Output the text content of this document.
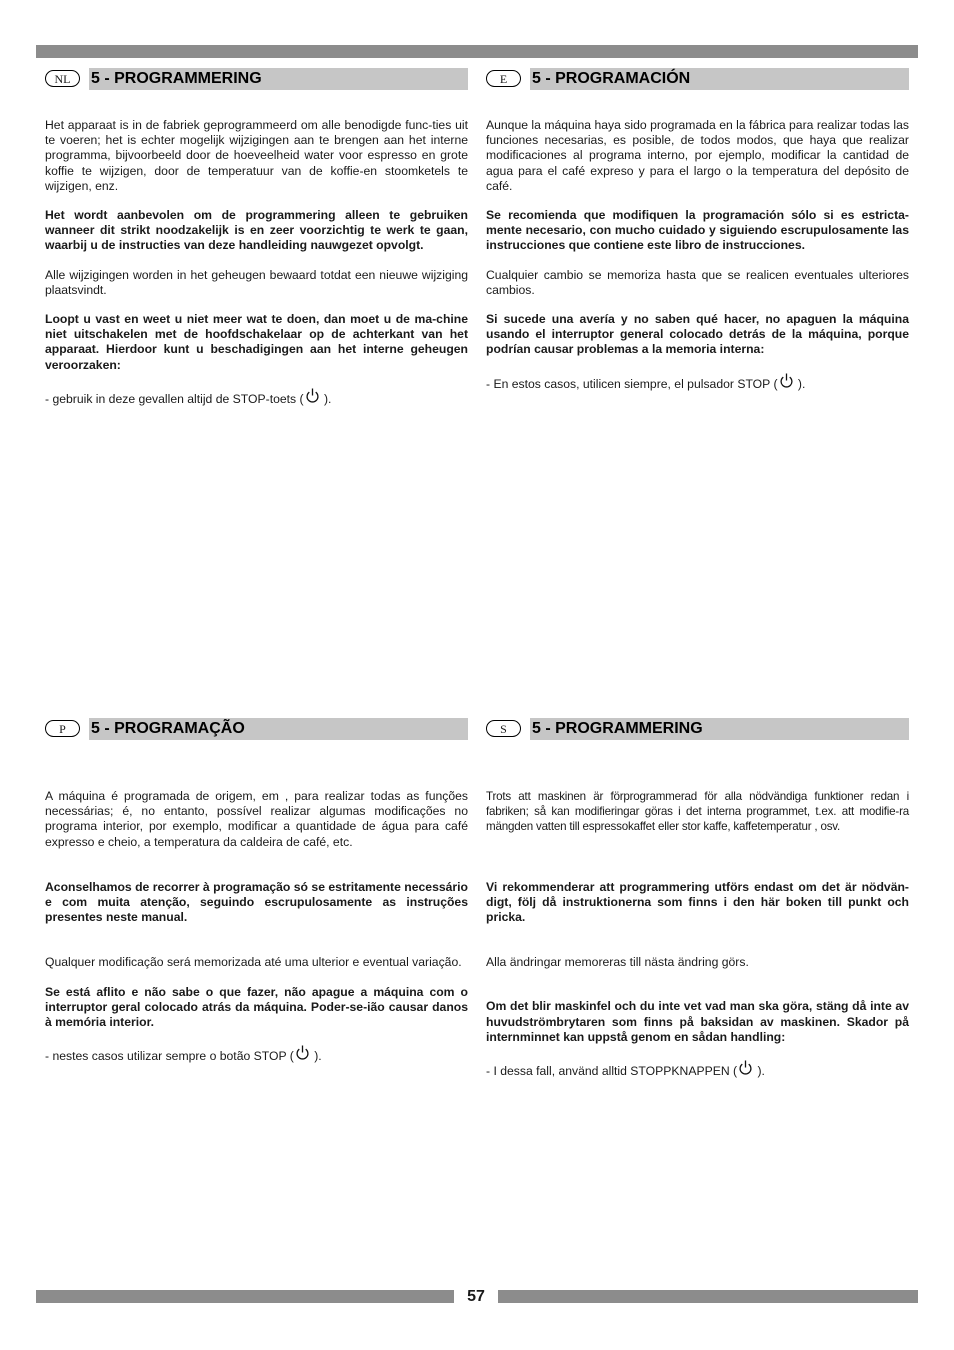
NL	5 - PROGRAMMERING

Het apparaat is in de fabriek geprogrammeerd om alle benodigde func-ties uit te voeren; het is echter mogelijk wijzigingen aan te brengen aan het interne programma, bijvoorbeeld door de hoeveelheid water voor espresso en grote koffie te wijzigen, door de temperatuur van de koffie-en stoomketels te wijzigen, enz.

Het wordt aanbevolen om de programmering alleen te gebruiken wanneer dit strikt noodzakelijk is en zeer voorzichtig te werk te gaan, waarbij u de instructies van deze handleiding nauwgezet opvolgt.

Alle wijzigingen worden in het geheugen bewaard totdat een nieuwe wijziging plaatsvindt.

Loopt u vast en weet u niet meer wat te doen, dan moet u de ma-chine niet uitschakelen met de hoofdschakelaar op de achterkant van het apparaat. Hierdoor kunt u beschadigingen aan het interne geheugen veroorzaken:

- gebruik in deze gevallen altijd de STOP-toets ( ).

E	5 - PROGRAMACIÓN

Aunque la máquina haya sido programada en la fábrica para realizar todas las funciones necesarias, es posible, de todos modos, que haya que realizar modificaciones al programa interno, por ejemplo, modificar la cantidad de agua para el café expreso y para el largo o la temperatura del depósito de café.

Se recomienda que modifiquen la programación sólo si es estricta-mente necesario, con mucho cuidado y siguiendo escrupulosamente las instrucciones que contiene este libro de instrucciones.

Cualquier cambio se memoriza hasta que se realicen eventuales ulteriores cambios.

Si sucede una avería y no saben qué hacer, no apaguen la máquina usando el interruptor general colocado detrás de la máquina, porque podrían causar problemas a la memoria interna:

- En estos casos, utilicen siempre, el pulsador STOP ( ).

P	5 - PROGRAMAÇÃO

A máquina é programada de origem, em , para realizar todas as funções necessárias; é, no entanto, possível realizar algumas modificações no programa interior, por exemplo, modificar a quantidade de água para café expresso e cheio, a temperatura da caldeira de café, etc.

Aconselhamos de recorrer à programação só se estritamente necessário e com muita atenção, seguindo escrupulosamente as instruções presentes neste manual.

Qualquer modificação será memorizada até uma ulterior e eventual variação.

Se está aflito e não sabe o que fazer, não apague a máquina com o interruptor geral colocado atrás da máquina. Poder-se-ião causar danos à memória interior.

- nestes casos utilizar sempre o botão STOP ( ).

S	5 - PROGRAMMERING

Trots att maskinen är förprogrammerad för alla nödvändiga funktioner redan i fabriken; så kan modifieringar göras i det interna programmet, t.ex. att modifie-ra mängden vatten till espressokaffet eller stor kaffe, kaffetemperatur , osv.

Vi rekommenderar att programmering utförs endast om det är nödvän-digt, följ då instruktionerna som finns i den här boken till punkt och pricka.

Alla ändringar memoreras till nästa ändring görs.

Om det blir maskinfel och du inte vet vad man ska göra, stäng då inte av huvudströmbrytaren som finns på baksidan av maskinen. Skador på internminnet kan uppstå genom en sådan handling:

- I dessa fall, använd alltid STOPPKNAPPEN ( ).

57
